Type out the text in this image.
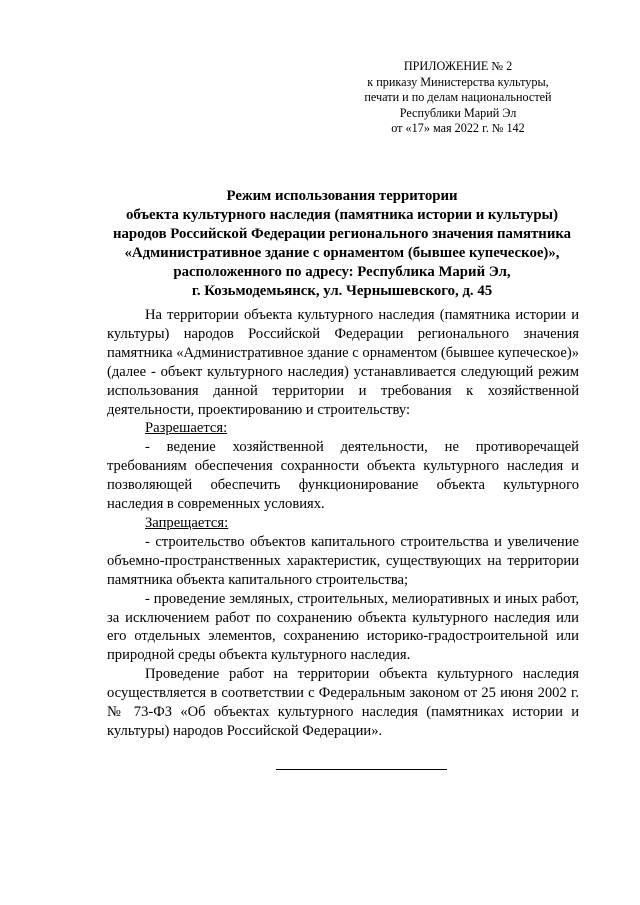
ПРИЛОЖЕНИЕ № 2
к приказу Министерства культуры,
печати и по делам национальностей
Республики Марий Эл
от «17» мая 2022 г. № 142
Режим использования территории
объекта культурного наследия (памятника истории и культуры)
народов Российской Федерации регионального значения памятника
«Административное здание с орнаментом (бывшее купеческое)»,
расположенного по адресу: Республика Марий Эл,
г. Козьмодемьянск, ул. Чернышевского, д. 45
На территории объекта культурного наследия (памятника истории и культуры) народов Российской Федерации регионального значения памятника «Административное здание с орнаментом (бывшее купеческое)» (далее - объект культурного наследия) устанавливается следующий режим использования данной территории и требования к хозяйственной деятельности, проектированию и строительству:
Разрешается:
- ведение хозяйственной деятельности, не противоречащей требованиям обеспечения сохранности объекта культурного наследия и позволяющей обеспечить функционирование объекта культурного наследия в современных условиях.
Запрещается:
- строительство объектов капитального строительства и увеличение объемно-пространственных характеристик, существующих на территории памятника объекта капитального строительства;
- проведение земляных, строительных, мелиоративных и иных работ, за исключением работ по сохранению объекта культурного наследия или его отдельных элементов, сохранению историко-градостроительной или природной среды объекта культурного наследия.
Проведение работ на территории объекта культурного наследия осуществляется в соответствии с Федеральным законом от 25 июня 2002 г. № 73-ФЗ «Об объектах культурного наследия (памятниках истории и культуры) народов Российской Федерации».
